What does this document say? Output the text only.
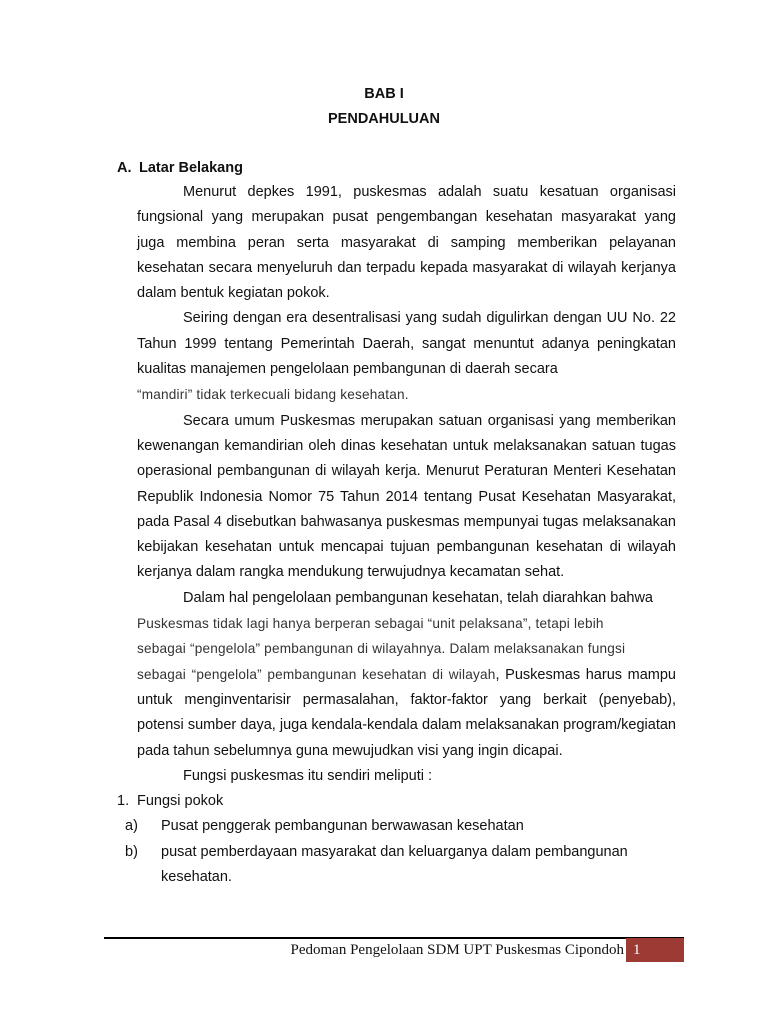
BAB I
PENDAHULUAN
A. Latar Belakang

Menurut depkes 1991, puskesmas adalah suatu kesatuan organisasi fungsional yang merupakan pusat pengembangan kesehatan masyarakat yang juga membina peran serta masyarakat di samping memberikan pelayanan kesehatan secara menyeluruh dan terpadu kepada masyarakat di wilayah kerjanya dalam bentuk kegiatan pokok.

Seiring dengan era desentralisasi yang sudah digulirkan dengan UU No. 22 Tahun 1999 tentang Pemerintah Daerah, sangat menuntut adanya peningkatan kualitas manajemen pengelolaan pembangunan di daerah secara

“mandiri” tidak terkecuali bidang kesehatan.

Secara umum Puskesmas merupakan satuan organisasi yang memberikan kewenangan kemandirian oleh dinas kesehatan untuk melaksanakan satuan tugas operasional pembangunan di wilayah kerja. Menurut Peraturan Menteri Kesehatan Republik Indonesia Nomor 75 Tahun 2014 tentang Pusat Kesehatan Masyarakat, pada Pasal 4 disebutkan bahwasanya puskesmas mempunyai tugas melaksanakan kebijakan kesehatan untuk mencapai tujuan pembangunan kesehatan di wilayah kerjanya dalam rangka mendukung terwujudnya kecamatan sehat.

Dalam hal pengelolaan pembangunan kesehatan, telah diarahkan bahwa

Puskesmas tidak lagi hanya berperan sebagai “unit pelaksana”, tetapi lebih
sebagai “pengelola” pembangunan di wilayahnya. Dalam melaksanakan fungsi

sebagai “pengelola” pembangunan kesehatan di wilayah, Puskesmas harus mampu untuk menginventarisir permasalahan, faktor-faktor yang berkait (penyebab), potensi sumber daya, juga kendala-kendala dalam melaksanakan program/kegiatan pada tahun sebelumnya guna mewujudkan visi yang ingin dicapai.

Fungsi puskesmas itu sendiri meliputi :

1. Fungsi pokok
a) Pusat penggerak pembangunan berwawasan kesehatan
b) pusat pemberdayaan masyarakat dan keluarganya dalam pembangunan kesehatan.
Pedoman Pengelolaan SDM UPT Puskesmas Cipondoh 1
